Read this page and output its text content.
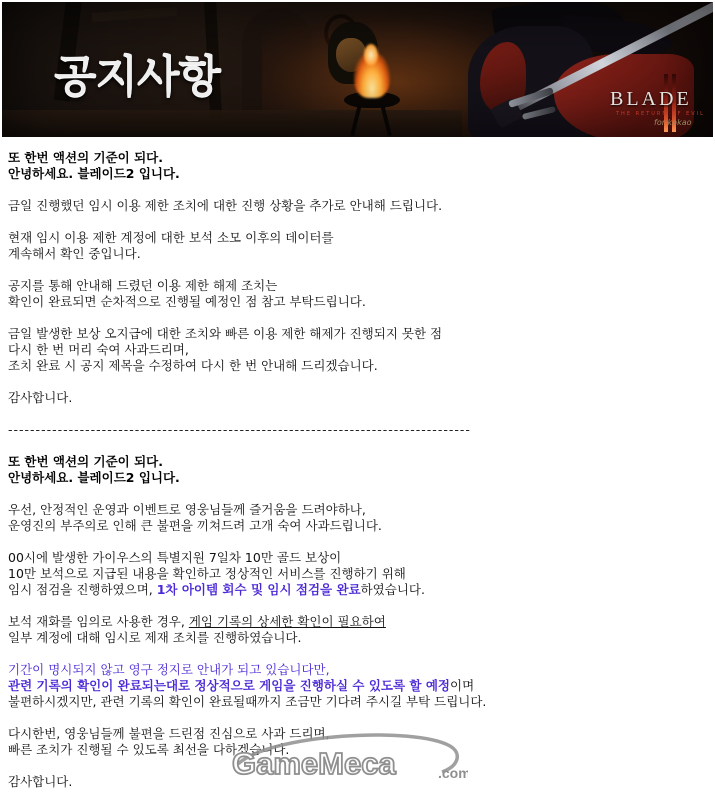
공지사항	BLADE
THE RETURN OF EVIL
for kakao
또 한번 액션의 기준이 되다.
안녕하세요. 블레이드2 입니다.
금일 진행했던 임시 이용 제한 조치에 대한 진행 상황을 추가로 안내해 드립니다.
현재 임시 이용 제한 계정에 대한 보석 소모 이후의 데이터를
계속해서 확인 중입니다.
공지를 통해 안내해 드렸던 이용 제한 해제 조치는
확인이 완료되면 순차적으로 진행될 예정인 점 참고 부탁드립니다.
금일 발생한 보상 오지급에 대한 조치와 빠른 이용 제한 해제가 진행되지 못한 점
다시 한 번 머리 숙여 사과드리며,
조치 완료 시 공지 제목을 수정하여 다시 한 번 안내해 드리겠습니다.
감사합니다.
------------------------------------------------------------------------------------
또 한번 액션의 기준이 되다.
안녕하세요. 블레이드2 입니다.
우선, 안정적인 운영과 이벤트로 영웅님들께 즐거움을 드려야하나,
운영진의 부주의로 인해 큰 불편을 끼쳐드려 고개 숙여 사과드립니다.
00시에 발생한 가이우스의 특별지원 7일차 10만 골드 보상이
10만 보석으로 지급된 내용을 확인하고 정상적인 서비스를 진행하기 위해
임시 점검을 진행하였으며, 1차 아이템 회수 및 임시 점검을 완료하였습니다.
보석 재화를 임의로 사용한 경우, 게임 기록의 상세한 확인이 필요하여
일부 계정에 대해 임시로 제재 조치를 진행하였습니다.
기간이 명시되지 않고 영구 정지로 안내가 되고 있습니다만,
관련 기록의 확인이 완료되는대로 정상적으로 게임을 진행하실 수 있도록 할 예정이며
불편하시겠지만, 관련 기록의 확인이 완료될때까지 조금만 기다려 주시길 부탁 드립니다.
다시한번, 영웅님들께 불편을 드린점 진심으로 사과 드리며,
빠른 조치가 진행될 수 있도록 최선을 다하겠습니다.
감사합니다.
GameMeca	.com
